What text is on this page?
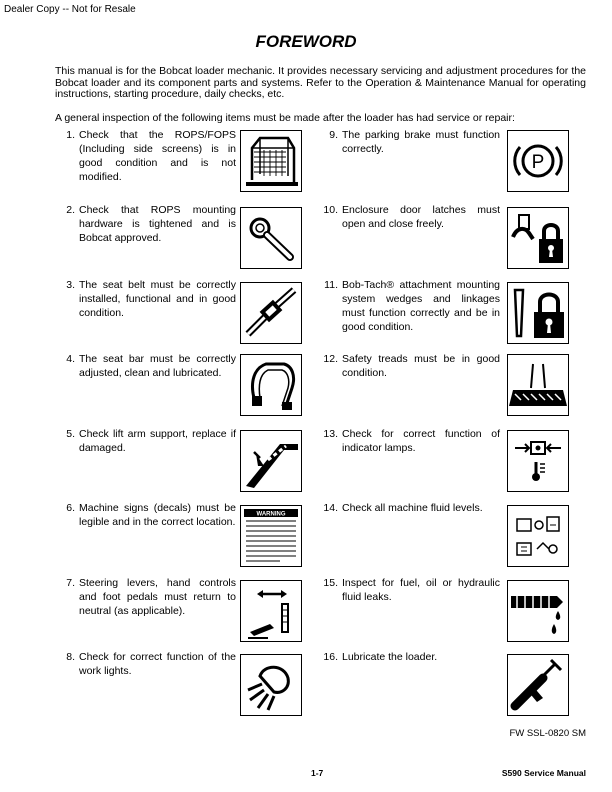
Dealer Copy -- Not for Resale
FOREWORD
This manual is for the Bobcat loader mechanic. It provides necessary servicing and adjustment procedures for the Bobcat loader and its component parts and systems. Refer to the Operation & Maintenance Manual for operating instructions, starting procedure, daily checks, etc.
A general inspection of the following items must be made after the loader has had service or repair:
1. Check that the ROPS/FOPS (Including side screens) is in good condition and is not modified.
2. Check that ROPS mounting hardware is tightened and is Bobcat approved.
3. The seat belt must be correctly installed, functional and in good condition.
4. The seat bar must be correctly adjusted, clean and lubricated.
5. Check lift arm support, replace if damaged.
6. Machine signs (decals) must be legible and in the correct location.
WARNING
7. Steering levers, hand controls and foot pedals must return to neutral (as applicable).
8. Check for correct function of the work lights.
9. The parking brake must function correctly.
P
10. Enclosure door latches must open and close freely.
11. Bob-Tach® attachment mounting system wedges and linkages must function correctly and be in good condition.
12. Safety treads must be in good condition.
13. Check for correct function of indicator lamps.
14. Check all machine fluid levels.
15. Inspect for fuel, oil or hydraulic fluid leaks.
16. Lubricate the loader.
FW SSL-0820 SM
1-7	S590 Service Manual
